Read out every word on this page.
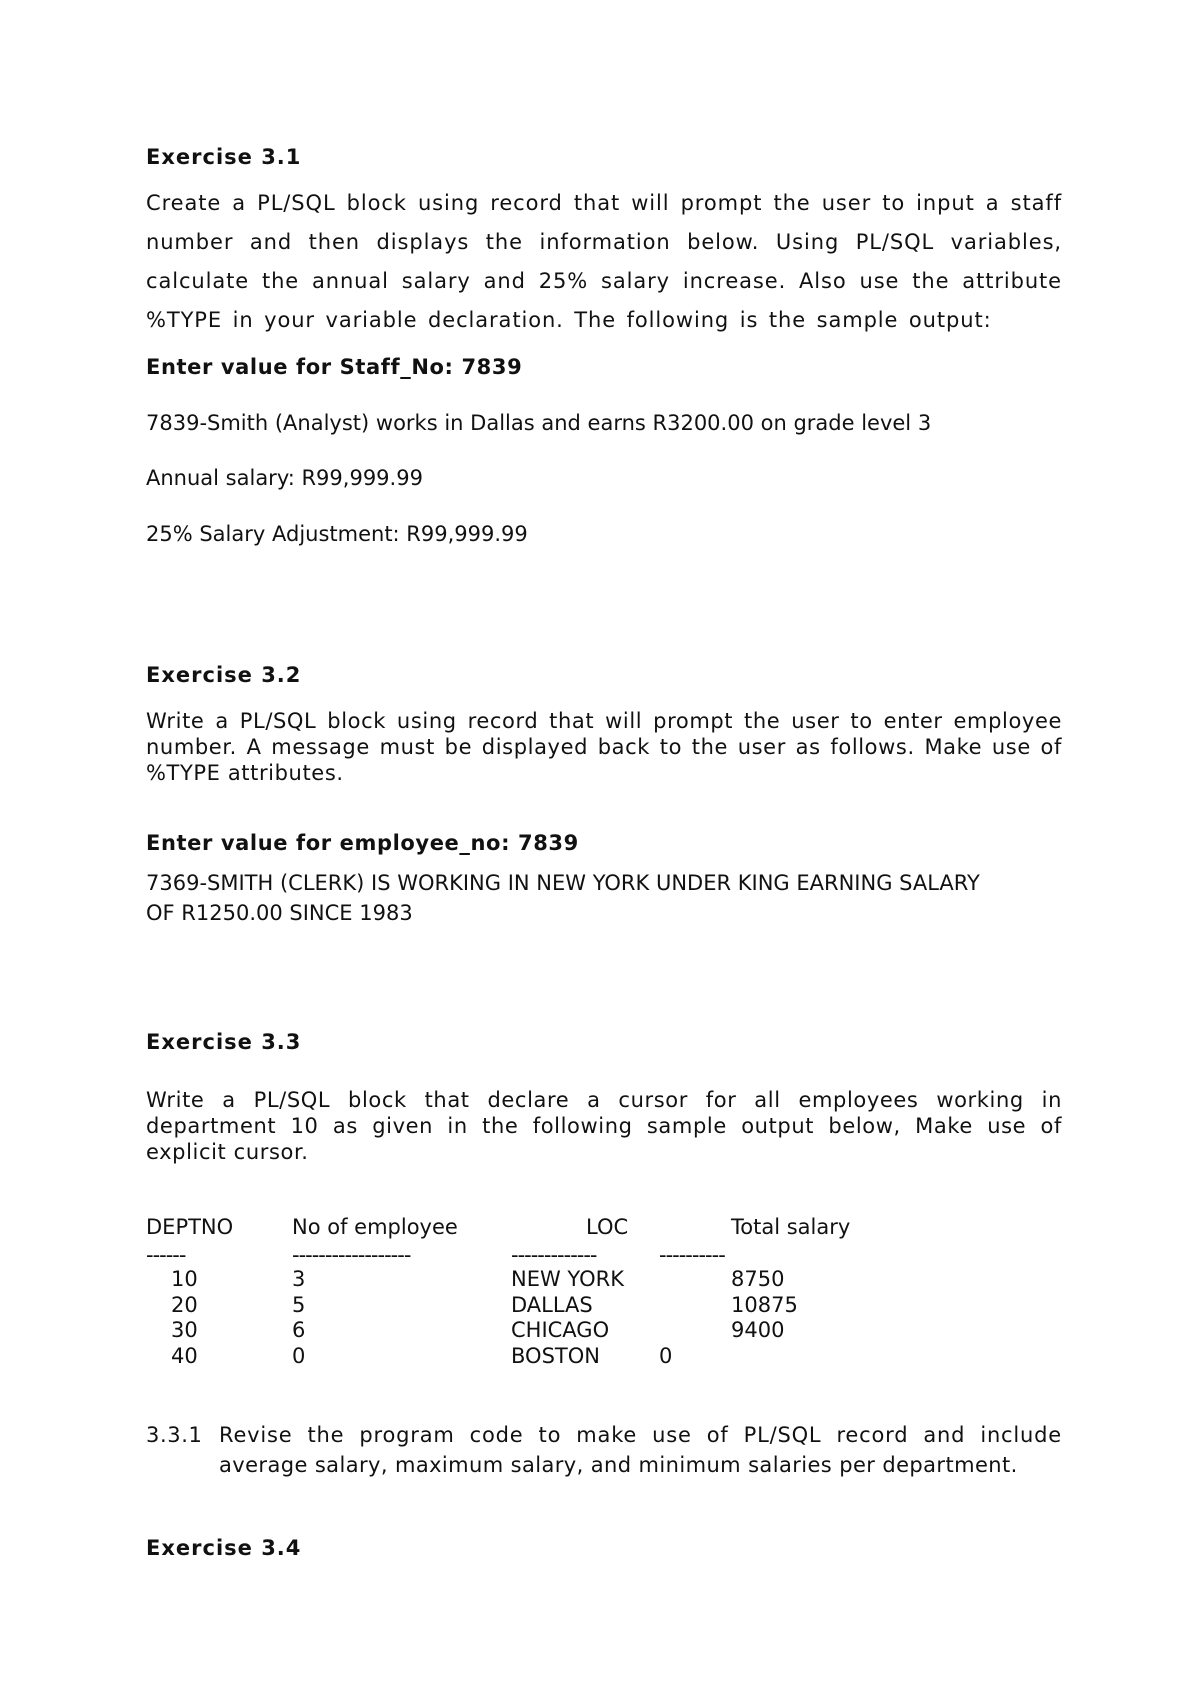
Exercise 3.1

Create a PL/SQL block using record that will prompt the user to input a staff number and then displays the information below. Using PL/SQL variables, calculate the annual salary and 25% salary increase. Also use the attribute %TYPE in your variable declaration. The following is the sample output:

Enter value for Staff_No: 7839

7839-Smith (Analyst) works in Dallas and earns R3200.00 on grade level 3

Annual salary: R99,999.99

25% Salary Adjustment: R99,999.99

Exercise 3.2

Write a PL/SQL block using record that will prompt the user to enter employee number. A message must be displayed back to the user as follows. Make use of %TYPE attributes.

Enter value for employee_no: 7839

7369-SMITH (CLERK) IS WORKING IN NEW YORK UNDER KING EARNING SALARY

OF R1250.00 SINCE 1983

Exercise 3.3

Write a PL/SQL block that declare a cursor for all employees working in department 10 as given in the following sample output below, Make use of explicit cursor.

DEPTNO	No of employee	LOC	Total salary

------	------------------	-------------	----------

10	3	NEW YORK	8750

20	5	DALLAS	10875

30	6	CHICAGO	9400

40	0	BOSTON	0

3.3.1 Revise the program code to make use of PL/SQL record and include

average salary, maximum salary, and minimum salaries per department.

Exercise 3.4
